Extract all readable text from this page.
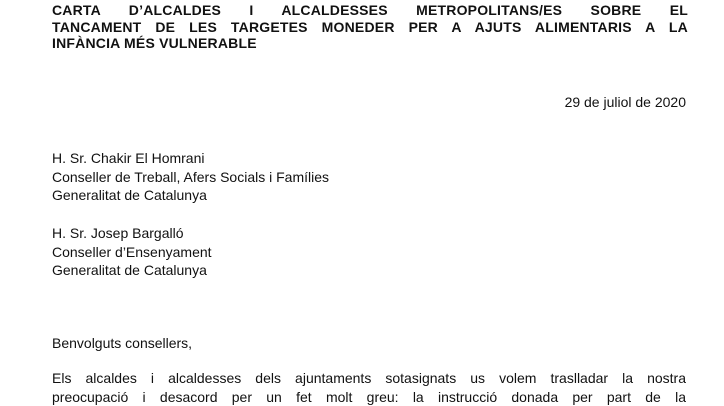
CARTA D’ALCALDES I ALCALDESSES METROPOLITANS/ES SOBRE EL
TANCAMENT DE LES TARGETES MONEDER PER A AJUTS ALIMENTARIS A LA
INFÀNCIA MÉS VULNERABLE
29 de juliol de 2020
H. Sr. Chakir El Homrani
Conseller de Treball, Afers Socials i Famílies
Generalitat de Catalunya
H. Sr. Josep Bargalló
Conseller d’Ensenyament
Generalitat de Catalunya
Benvolguts consellers,
Els alcaldes i alcaldesses dels ajuntaments sotasignats us volem traslladar la nostra
preocupació i desacord per un fet molt greu: la instrucció donada per part de la
